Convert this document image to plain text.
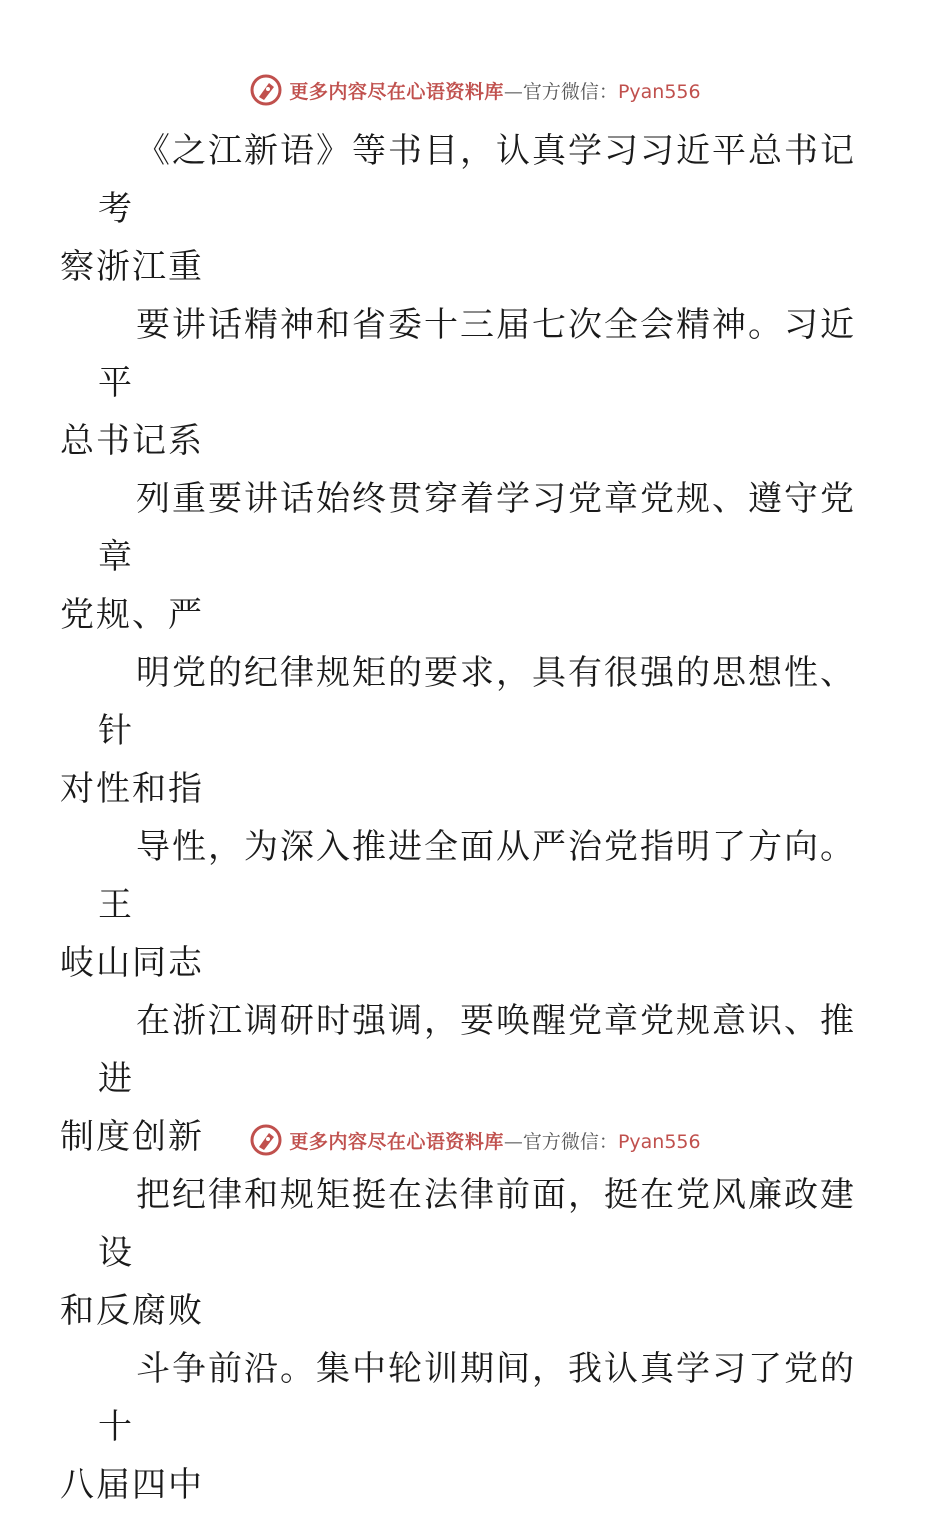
更多内容尽在心语资料库—官方微信：Pyan556

《之江新语》等书目，认真学习习近平总书记考
察浙江重

要讲话精神和省委十三届七次全会精神。习近平
总书记系

列重要讲话始终贯穿着学习党章党规、遵守党章
党规、严

明党的纪律规矩的要求，具有很强的思想性、针
对性和指

导性，为深入推进全面从严治党指明了方向。王
岐山同志

在浙江调研时强调，要唤醒党章党规意识、推进
制度创新

把纪律和规矩挺在法律前面，挺在党风廉政建设
和反腐败

斗争前沿。集中轮训期间，我认真学习了党的十
八届四中

更多内容尽在心语资料库—官方微信：Pyan556
